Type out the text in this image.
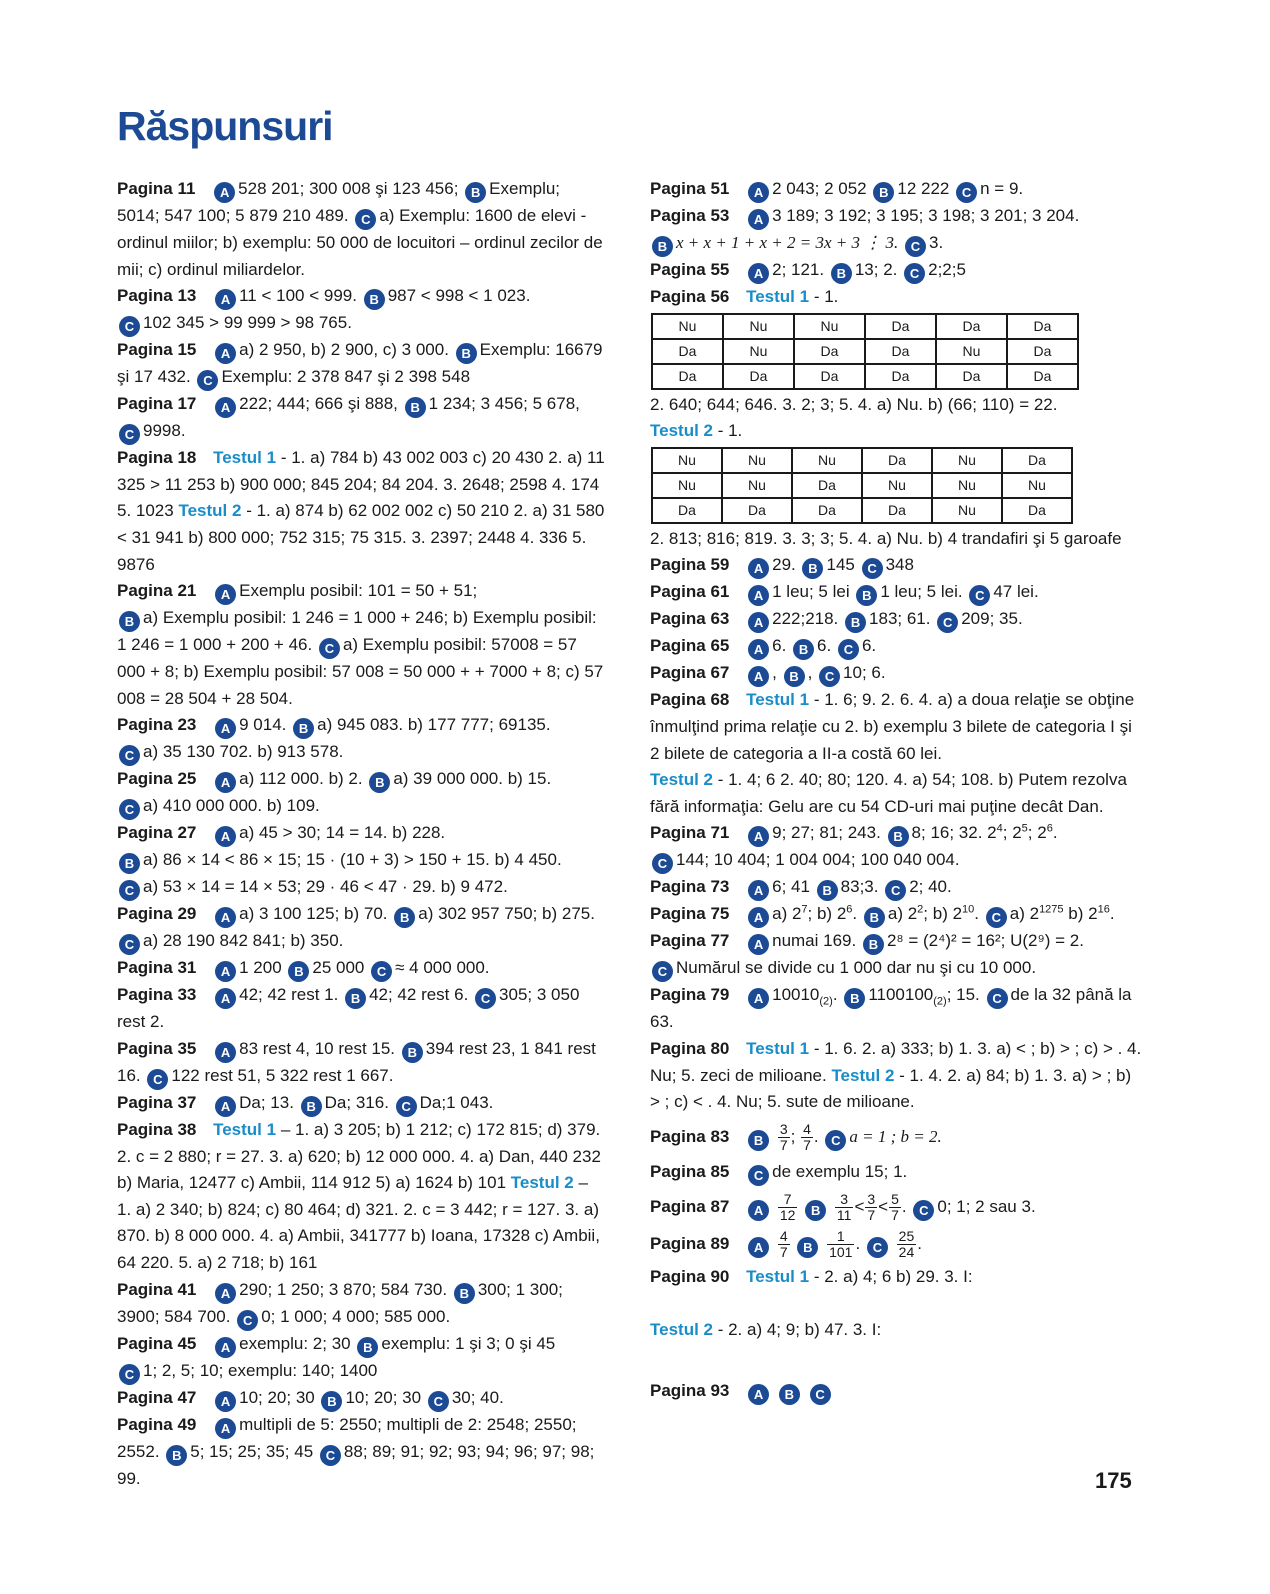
Răspunsuri

Pagina 11 A 528 201; 300 008 şi 123 456; B Exemplu; 5014; 547 100; 5 879 210 489. C a) Exemplu: 1600 de elevi - ordinul miilor; b) exemplu: 50 000 de locuitori – ordinul zecilor de mii; c) ordinul miliardelor.

Pagina 13 A 11 < 100 < 999. B 987 < 998 < 1 023.
C 102 345 > 99 999 > 98 765.

Pagina 15 A a) 2 950, b) 2 900, c) 3 000. B Exemplu: 16679 şi 17 432. C Exemplu: 2 378 847 şi 2 398 548

Pagina 17 A 222; 444; 666 şi 888, B 1 234; 3 456; 5 678,
C 9998.

Pagina 18 Testul 1 - 1. a) 784 b) 43 002 003 c) 20 430 2. a) 11 325 > 11 253 b) 900 000; 845 204; 84 204. 3. 2648; 2598 4. 174 5. 1023 Testul 2 - 1. a) 874 b) 62 002 002 c) 50 210 2. a) 31 580 < 31 941 b) 800 000; 752 315; 75 315. 3. 2397; 2448 4. 336 5. 9876

Pagina 21 A Exemplu posibil: 101 = 50 + 51;
B a) Exemplu posibil: 1 246 = 1 000 + 246; b) Exemplu posibil: 1 246 = 1 000 + 200 + 46. C a) Exemplu posibil: 57008 = 57 000 + 8; b) Exemplu posibil: 57 008 = 50 000 + + 7000 + 8; c) 57 008 = 28 504 + 28 504.

Pagina 23 A 9 014. B a) 945 083. b) 177 777; 69135.
C a) 35 130 702. b) 913 578.

Pagina 25 A a) 112 000. b) 2. B a) 39 000 000. b) 15.
C a) 410 000 000. b) 109.

Pagina 27 A a) 45 > 30; 14 = 14. b) 228.
B a) 86 × 14 < 86 × 15; 15 · (10 + 3) > 150 + 15. b) 4 450.
C a) 53 × 14 = 14 × 53; 29 · 46 < 47 · 29. b) 9 472.

Pagina 29 A a) 3 100 125; b) 70. B a) 302 957 750; b) 275. C a) 28 190 842 841; b) 350.

Pagina 31 A 1 200 B 25 000 C ≈ 4 000 000.

Pagina 33 A 42; 42 rest 1. B 42; 42 rest 6. C 305; 3 050 rest 2.

Pagina 35 A 83 rest 4, 10 rest 15. B 394 rest 23, 1 841 rest 16. C 122 rest 51, 5 322 rest 1 667.

Pagina 37 A Da; 13. B Da; 316. C Da;1 043.

Pagina 38 Testul 1 – 1. a) 3 205; b) 1 212; c) 172 815; d) 379. 2. c = 2 880; r = 27. 3. a) 620; b) 12 000 000. 4. a) Dan, 440 232 b) Maria, 12477 c) Ambii, 114 912 5) a) 1624 b) 101 Testul 2 – 1. a) 2 340; b) 824; c) 80 464; d) 321. 2. c = 3 442; r = 127. 3. a) 870. b) 8 000 000. 4. a) Ambii, 341777 b) Ioana, 17328 c) Ambii, 64 220. 5. a) 2 718; b) 161

Pagina 41 A 290; 1 250; 3 870; 584 730. B 300; 1 300; 3900; 584 700. C 0; 1 000; 4 000; 585 000.

Pagina 45 A exemplu: 2; 30 B exemplu: 1 şi 3; 0 şi 45
C 1; 2, 5; 10; exemplu: 140; 1400

Pagina 47 A 10; 20; 30 B 10; 20; 30 C 30; 40.

Pagina 49 A multipli de 5: 2550; multipli de 2: 2548; 2550; 2552. B 5; 15; 25; 35; 45 C 88; 89; 91; 92; 93; 94; 96; 97; 98; 99.

Pagina 51 A 2 043; 2 052 B 12 222 C n = 9.

Pagina 53 A 3 189; 3 192; 3 195; 3 198; 3 201; 3 204.
B x + x + 1 + x + 2 = 3x + 3 ⋮ 3. C 3.

Pagina 55 A 2; 121. B 13; 2. C 2;2;5

Pagina 56 Testul 1 - 1.
Nu	Nu	Nu	Da	Da	Da
Da	Nu	Da	Da	Nu	Da
Da	Da	Da	Da	Da	Da
2. 640; 644; 646. 3. 2; 3; 5. 4. a) Nu. b) (66; 110) = 22.
Testul 2 - 1.
Nu	Nu	Nu	Da	Nu	Da
Nu	Nu	Da	Nu	Nu	Nu
Da	Da	Da	Da	Nu	Da
2. 813; 816; 819. 3. 3; 3; 5. 4. a) Nu. b) 4 trandafiri şi 5 garoafe

Pagina 59 A 29. B 145 C 348

Pagina 61 A 1 leu; 5 lei B 1 leu; 5 lei. C 47 lei.

Pagina 63 A 222;218. B 183; 61. C 209; 35.

Pagina 65 A 6. B 6. C 6.

Pagina 67 A , B , C 10; 6.

Pagina 68 Testul 1 - 1. 6; 9. 2. 6. 4. a) a doua relaţie se obţine înmulţind prima relaţie cu 2. b) exemplu 3 bilete de categoria I şi 2 bilete de categoria a II-a costă 60 lei.
Testul 2 - 1. 4; 6 2. 40; 80; 120. 4. a) 54; 108. b) Putem rezolva fără informaţia: Gelu are cu 54 CD-uri mai puţine decât Dan.

Pagina 71 A 9; 27; 81; 243. B 8; 16; 32. $2^4$; $2^5$; $2^6$.
C 144; 10 404; 1 004 004; 100 040 004.

Pagina 73 A 6; 41 B 83;3. C 2; 40.

Pagina 75 A a) $2^7$; b) $2^6$. B a) $2^2$; b) $2^{10}$. C a) $2^{1275}$ b) $2^{16}$.

Pagina 77 A numai 169. B 2⁸ = (2⁴)² = 16²; U(2⁹) = 2.
C Numărul se divide cu 1 000 dar nu şi cu 10 000.

Pagina 79 A $10010_{(2)}$. B $1100100_{(2)}$; 15. C de la 32 până la 63.

Pagina 80 Testul 1 - 1. 6. 2. a) 333; b) 1. 3. a) < ; b) > ; c) > . 4. Nu; 5. zeci de milioane. Testul 2 - 1. 4. 2. a) 84; b) 1. 3. a) > ; b) > ; c) < . 4. Nu; 5. sute de milioane.

Pagina 83 B $\frac{3}{7}$ ; $\frac{4}{7}$ . C a = 1 ; b = 2.

Pagina 85 C de exemplu 15; 1.

Pagina 87 A $\frac{7}{12}$ B $\frac{3}{11} < \frac{3}{7} < \frac{5}{7}$ . C 0; 1; 2 sau 3.

Pagina 89 A $\frac{4}{7}$ B $\frac{1}{101}$ . C $\frac{25}{24}$ .

Pagina 90 Testul 1 - 2. a) 4; 6 b) 29. 3. I:

Testul 2 - 2. a) 4; 9; b) 47. 3. I:

Pagina 93 A B C

175
